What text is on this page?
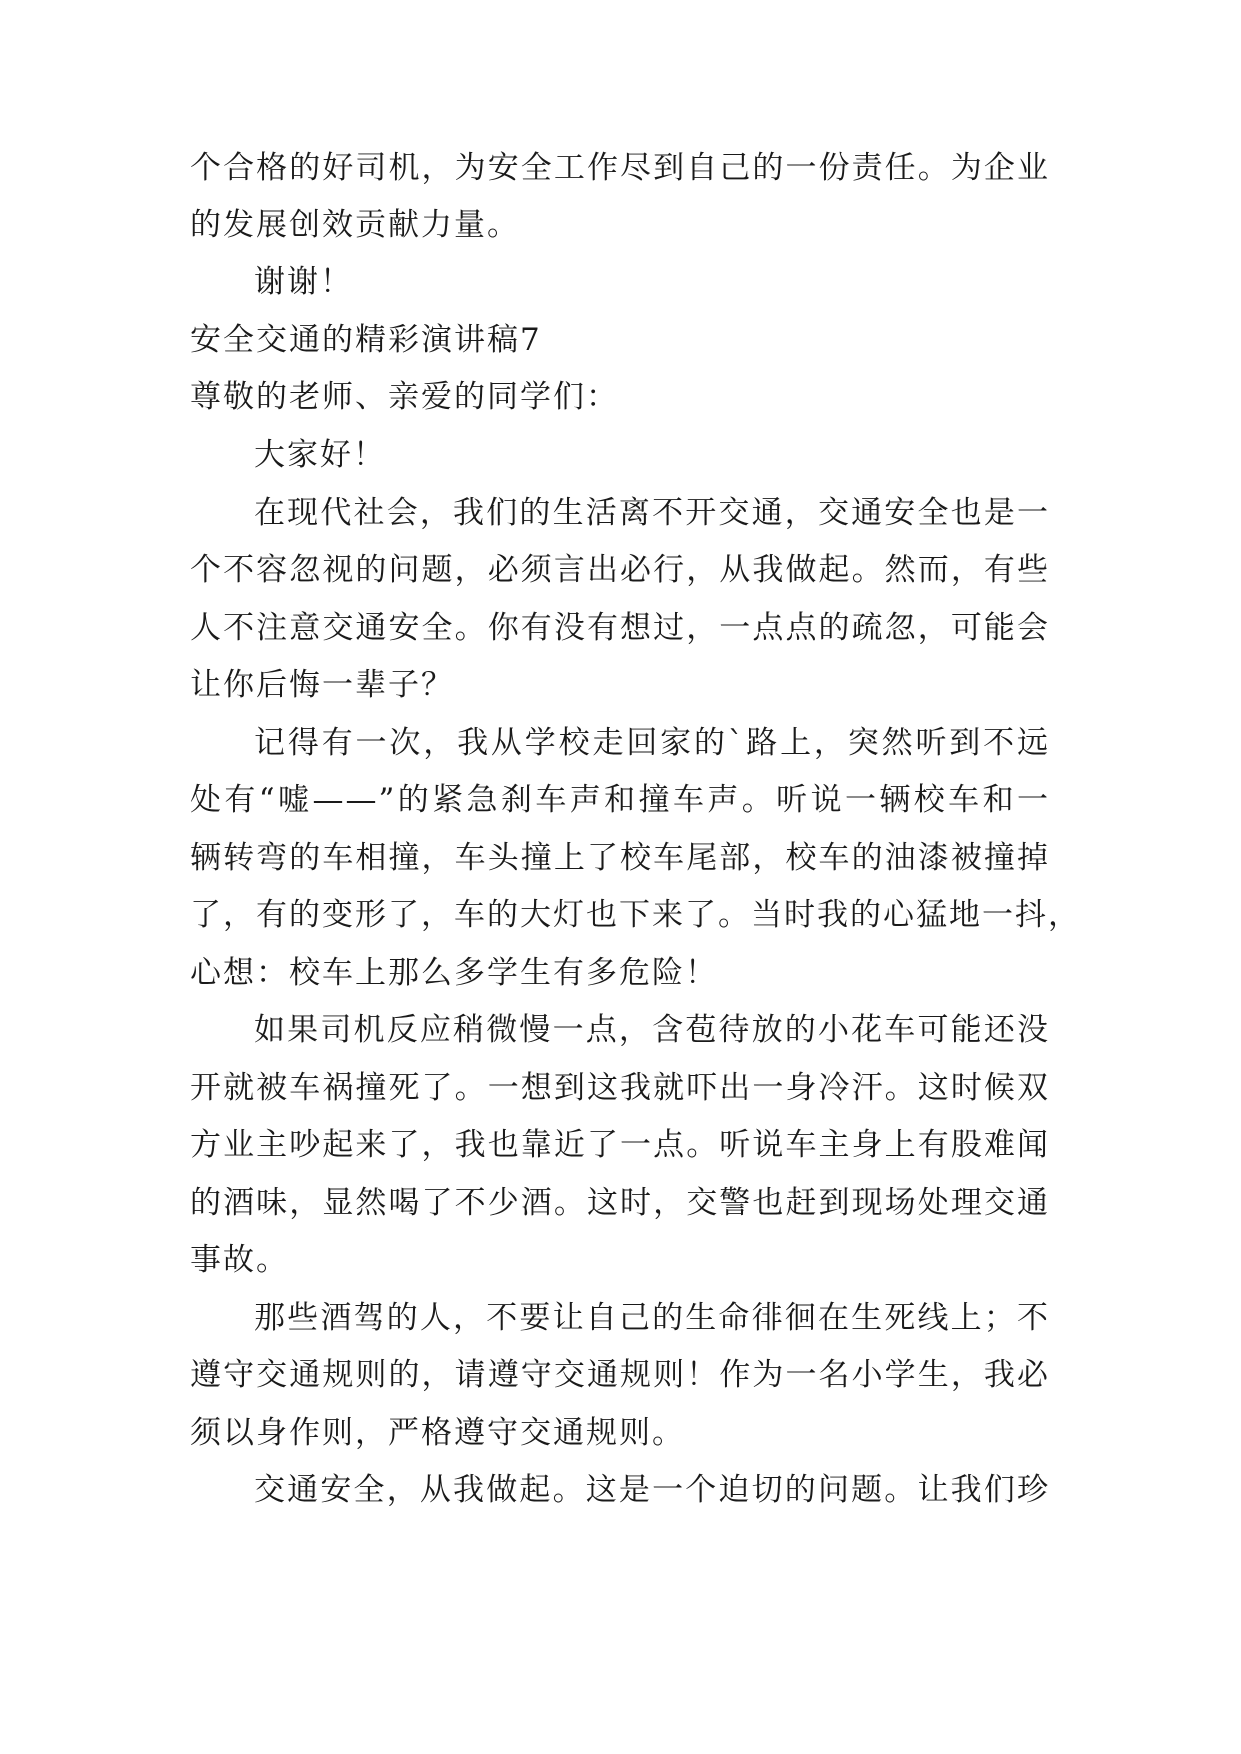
个合格的好司机，为安全工作尽到自己的一份责任。为企业
的发展创效贡献力量。
谢谢！
安全交通的精彩演讲稿7
尊敬的老师、亲爱的同学们：
大家好！
在现代社会，我们的生活离不开交通，交通安全也是一
个不容忽视的问题，必须言出必行，从我做起。然而，有些
人不注意交通安全。你有没有想过，一点点的疏忽，可能会
让你后悔一辈子？
记得有一次，我从学校走回家的`路上，突然听到不远
处有“嘘——”的紧急刹车声和撞车声。听说一辆校车和一
辆转弯的车相撞，车头撞上了校车尾部，校车的油漆被撞掉
了，有的变形了，车的大灯也下来了。当时我的心猛地一抖，
心想：校车上那么多学生有多危险！
如果司机反应稍微慢一点，含苞待放的小花车可能还没
开就被车祸撞死了。一想到这我就吓出一身冷汗。这时候双
方业主吵起来了，我也靠近了一点。听说车主身上有股难闻
的酒味，显然喝了不少酒。这时，交警也赶到现场处理交通
事故。
那些酒驾的人，不要让自己的生命徘徊在生死线上；不
遵守交通规则的，请遵守交通规则！作为一名小学生，我必
须以身作则，严格遵守交通规则。
交通安全，从我做起。这是一个迫切的问题。让我们珍
